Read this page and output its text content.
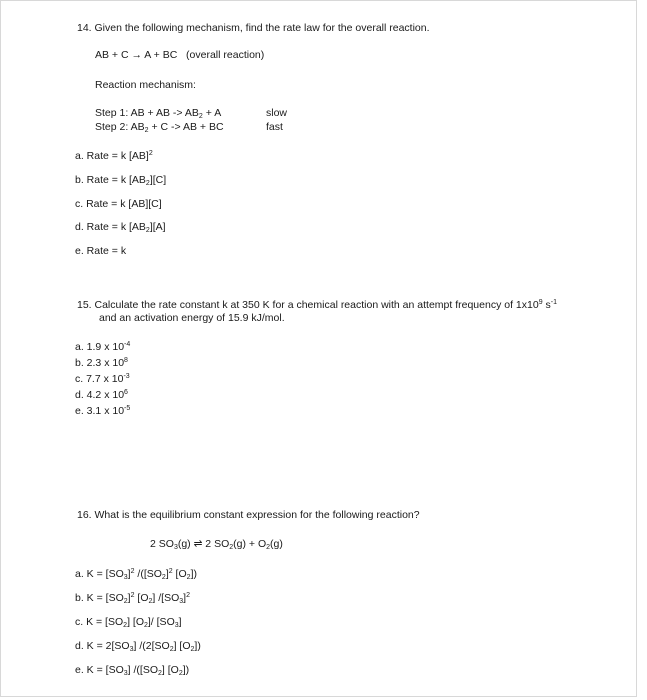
14. Given the following mechanism, find the rate law for the overall reaction.
AB + C → A + BC   (overall reaction)
Reaction mechanism:
Step 1: AB + AB -> $AB_2 + A$	slow
Step 2: $AB_2 + C$ -> AB + BC	fast
a. Rate = k [AB]$^2$
b. Rate = k $[AB_2][C]$
c. Rate = k [AB][C]
d. Rate = k $[AB_2][A]$
e. Rate = k
15. Calculate the rate constant k at 350 K for a chemical reaction with an attempt frequency of $1x10^9$ $s^{-1}$
and an activation energy of 15.9 kJ/mol.
a. 1.9 x $10^{-4}$
b. 2.3 x $10^8$
c. 7.7 x $10^{-3}$
d. 4.2 x $10^6$
e. 3.1 x $10^{-5}$
16. What is the equilibrium constant expression for the following reaction?
2 $SO_3(g)$ ⇌ 2 $SO_2(g) + O_2(g)$
a. $K = [SO_3]^2$ $/([SO_2]^2$ $[O_2]$)
b. $K = [SO_2]^2$ $[O_2]$ $/[SO_3]^2$
c. $K = [SO_2]$ $[O_2]/$ $[SO_3]$
d. $K = 2[SO_3]$ $/(2[SO_2]$ $[O_2]$)
e. $K = [SO_3]$ $/([SO_2]$ $[O_2]$)
